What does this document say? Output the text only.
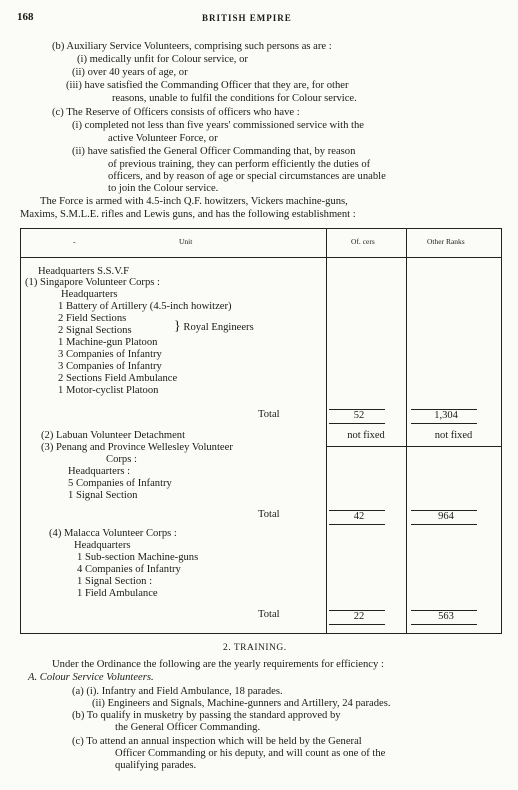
168	BRITISH EMPIRE
(b) Auxiliary Service Volunteers, comprising such persons as are :
(i) medically unfit for Colour service, or
(ii) over 40 years of age, or
(iii) have satisfied the Commanding Officer that they are, for other
reasons, unable to fulfil the conditions for Colour service.
(c) The Reserve of Officers consists of officers who have :
(i) completed not less than five years' commissioned service with the
active Volunteer Force, or
(ii) have satisfied the General Officer Commanding that, by reason
of previous training, they can perform efficiently the duties of
officers, and by reason of age or special circumstances are unable
to join the Colour service.
The Force is armed with 4.5-inch Q.F. howitzers, Vickers machine-guns,
Maxims, S.M.L.E. rifles and Lewis guns, and has the following establishment :
-	Unit	Of. cers	Other Ranks
Headquarters S.S.V.F
(1) Singapore Volunteer Corps :
Headquarters
1 Battery of Artillery (4.5-inch howitzer)
2 Field Sections
2 Signal Sections	} Royal Engineers
1 Machine-gun Platoon
3 Companies of Infantry
3 Companies of Infantry
2 Sections Field Ambulance
1 Motor-cyclist Platoon
Total	52	1,304
(2) Labuan Volunteer Detachment	not fixed	not fixed
(3) Penang and Province Wellesley Volunteer
Corps :
Headquarters :
5 Companies of Infantry
1 Signal Section
Total	42	964
(4) Malacca Volunteer Corps :
Headquarters
1 Sub-section Machine-guns
4 Companies of Infantry
1 Signal Section :
1 Field Ambulance
Total	22	563
2. TRAINING.
Under the Ordinance the following are the yearly requirements for efficiency :
A. Colour Service Volunteers.
(a) (i). Infantry and Field Ambulance, 18 parades.
(ii) Engineers and Signals, Machine-gunners and Artillery, 24 parades.
(b) To qualify in musketry by passing the standard approved by
the General Officer Commanding.
(c) To attend an annual inspection which will be held by the General
Officer Commanding or his deputy, and will count as one of the
qualifying parades.
